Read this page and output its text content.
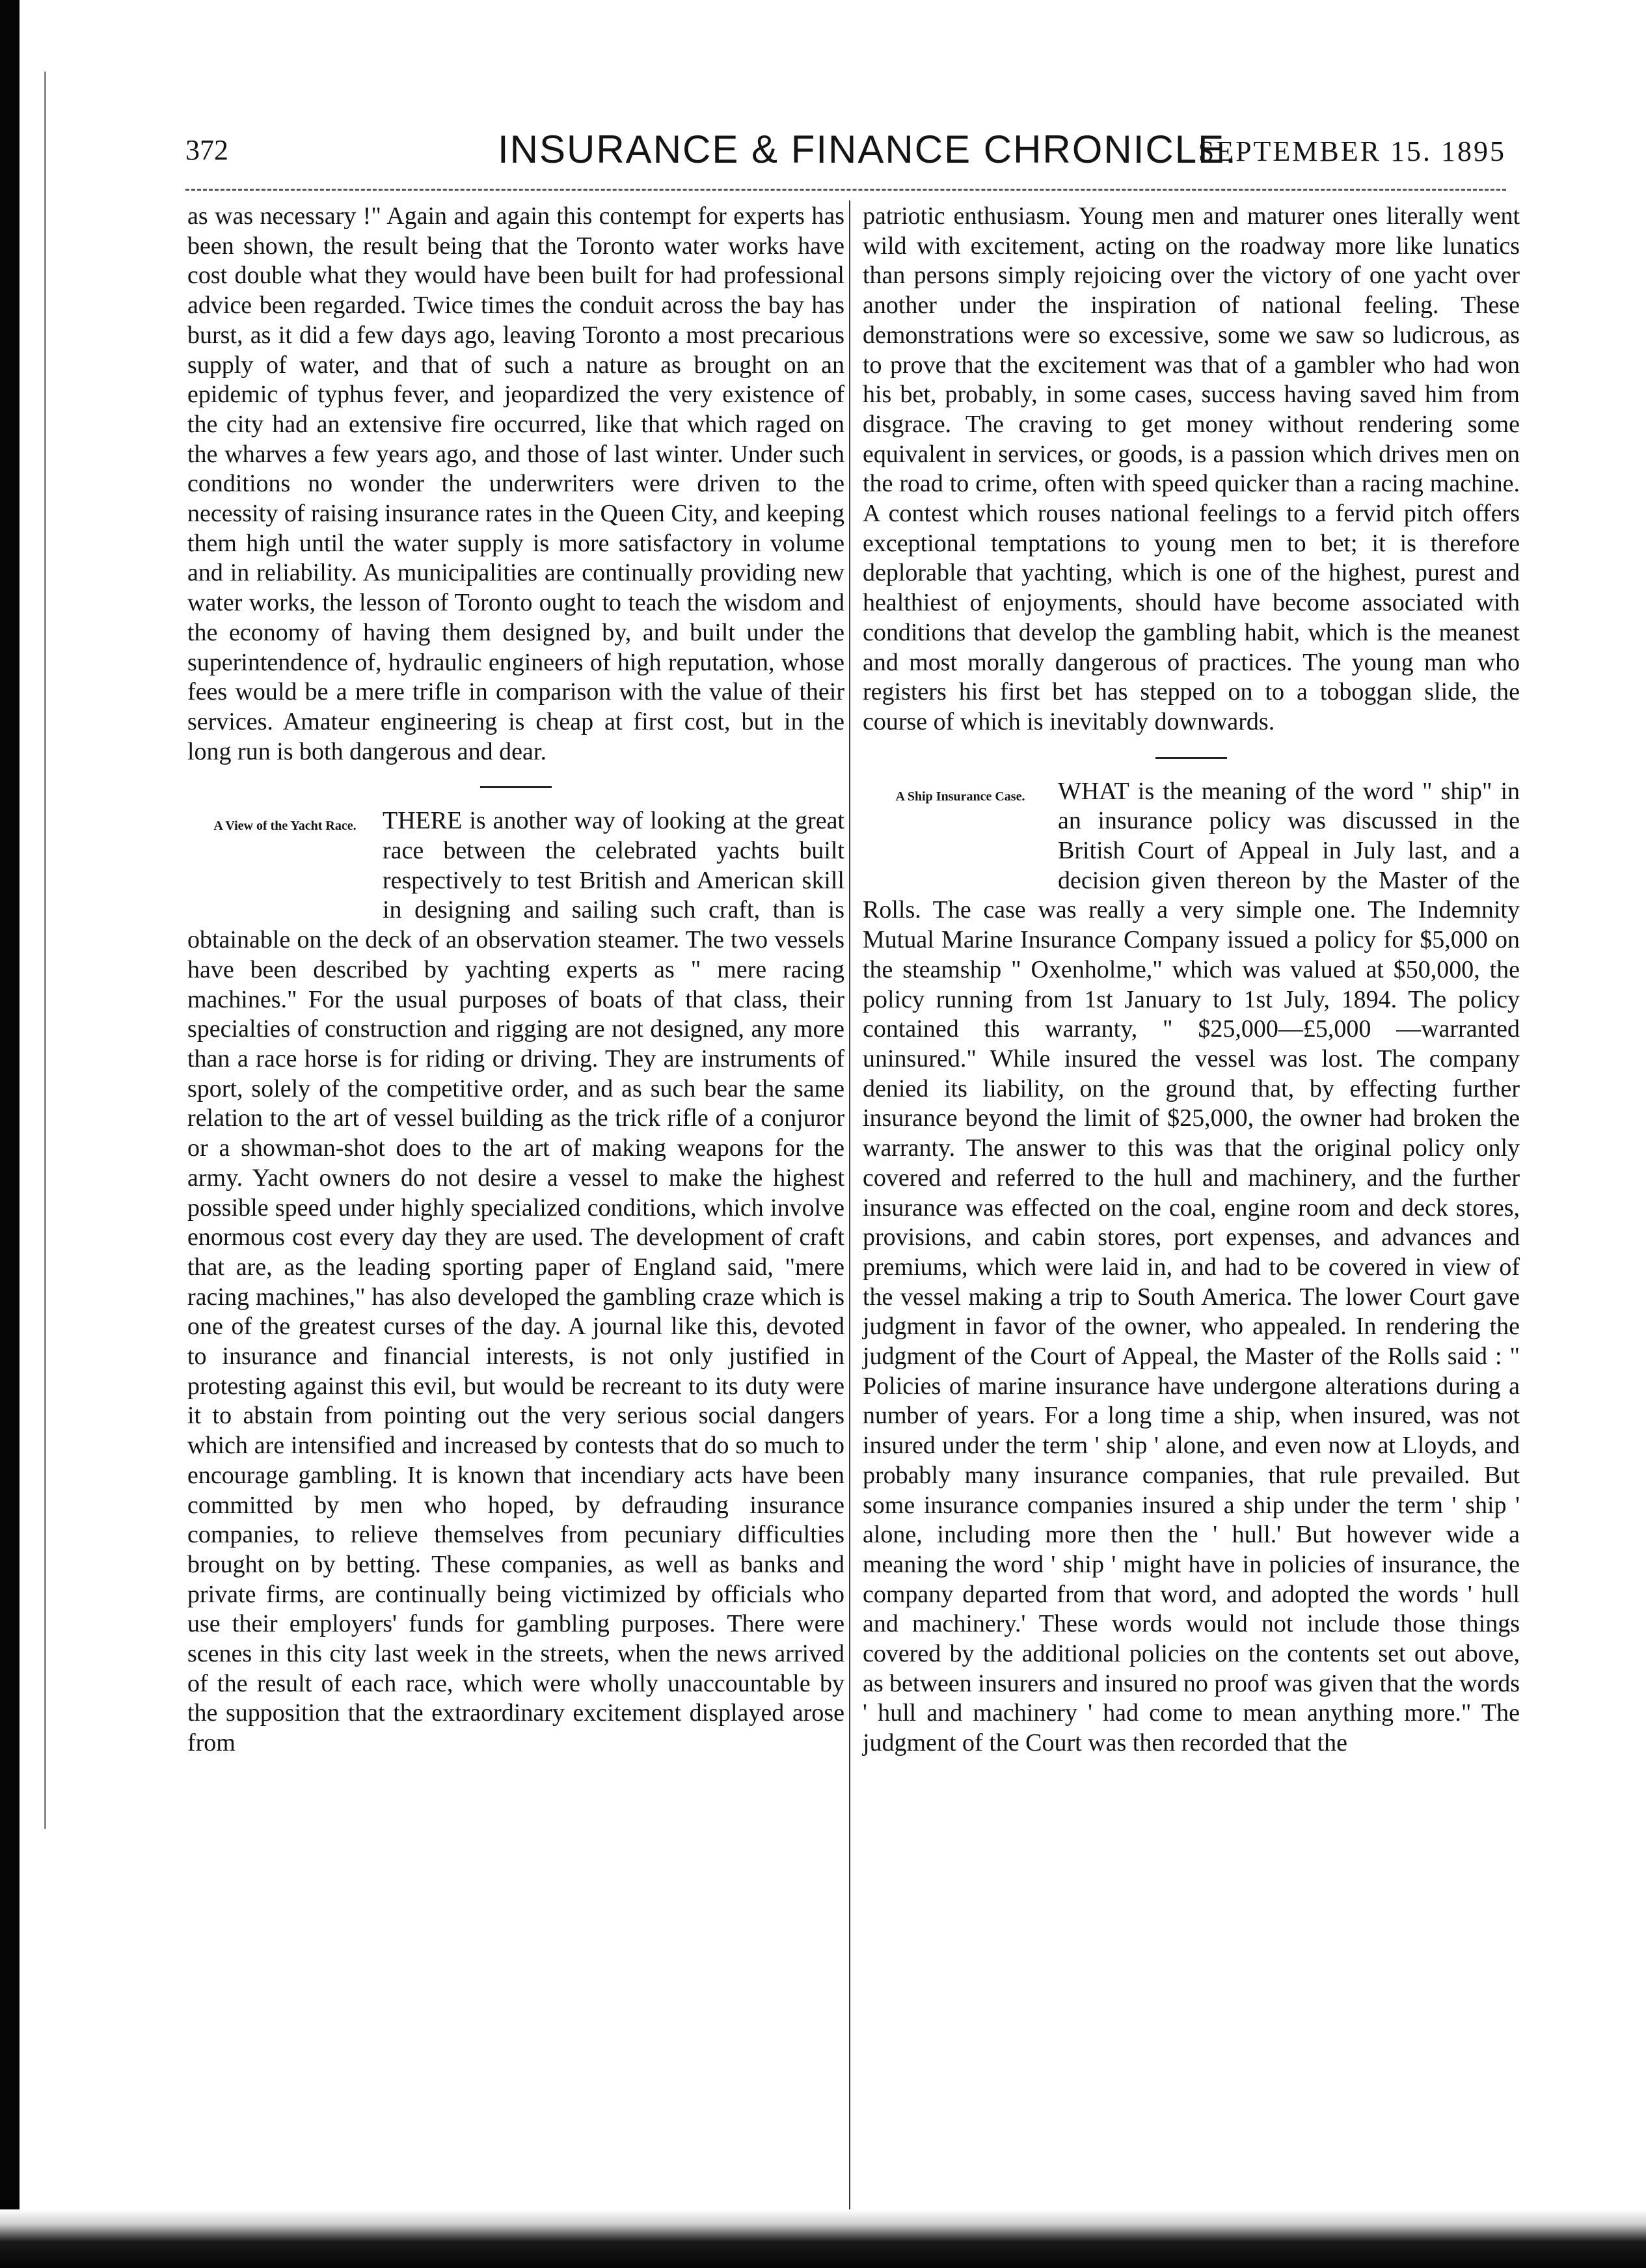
372	INSURANCE & FINANCE CHRONICLE.
SEPTEMBER 15. 1895

as was necessary !" Again and again this contempt for experts has been shown, the result being that the Toronto water works have cost double what they would have been built for had professional advice been regarded. Twice times the conduit across the bay has burst, as it did a few days ago, leaving Toronto a most precarious supply of water, and that of such a nature as brought on an epidemic of typhus fever, and jeopardized the very existence of the city had an extensive fire occurred, like that which raged on the wharves a few years ago, and those of last winter. Under such conditions no wonder the underwriters were driven to the necessity of raising insurance rates in the Queen City, and keeping them high until the water supply is more satisfactory in volume and in reliability. As municipalities are continually providing new water works, the lesson of Toronto ought to teach the wisdom and the economy of having them designed by, and built under the superintendence of, hydraulic engineers of high reputation, whose fees would be a mere trifle in comparison with the value of their services. Amateur engineering is cheap at first cost, but in the long run is both dangerous and dear.

A View of the Yacht Race.	THERE is another way of looking at the great race between the celebrated yachts built respectively to test British and American skill in designing and sailing such craft, than is obtainable on the deck of an observation steamer. The two vessels have been described by yachting experts as " mere racing machines." For the usual purposes of boats of that class, their specialties of construction and rigging are not designed, any more than a race horse is for riding or driving. They are instruments of sport, solely of the competitive order, and as such bear the same relation to the art of vessel building as the trick rifle of a conjuror or a showman-shot does to the art of making weapons for the army. Yacht owners do not desire a vessel to make the highest possible speed under highly specialized conditions, which involve enormous cost every day they are used. The development of craft that are, as the leading sporting paper of England said, "mere racing machines," has also developed the gambling craze which is one of the greatest curses of the day. A journal like this, devoted to insurance and financial interests, is not only justified in protesting against this evil, but would be recreant to its duty were it to abstain from pointing out the very serious social dangers which are intensified and increased by contests that do so much to encourage gambling. It is known that incendiary acts have been committed by men who hoped, by defrauding insurance companies, to relieve themselves from pecuniary difficulties brought on by betting. These companies, as well as banks and private firms, are continually being victimized by officials who use their employers' funds for gambling purposes. There were scenes in this city last week in the streets, when the news arrived of the result of each race, which were wholly unaccountable by the supposition that the extraordinary excitement displayed arose from

patriotic enthusiasm. Young men and maturer ones literally went wild with excitement, acting on the roadway more like lunatics than persons simply rejoicing over the victory of one yacht over another under the inspiration of national feeling. These demonstrations were so excessive, some we saw so ludicrous, as to prove that the excitement was that of a gambler who had won his bet, probably, in some cases, success having saved him from disgrace. The craving to get money without rendering some equivalent in services, or goods, is a passion which drives men on the road to crime, often with speed quicker than a racing machine. A contest which rouses national feelings to a fervid pitch offers exceptional temptations to young men to bet; it is therefore deplorable that yachting, which is one of the highest, purest and healthiest of enjoyments, should have become associated with conditions that develop the gambling habit, which is the meanest and most morally dangerous of practices. The young man who registers his first bet has stepped on to a toboggan slide, the course of which is inevitably downwards.

A Ship Insurance Case.	WHAT is the meaning of the word " ship" in an insurance policy was discussed in the British Court of Appeal in July last, and a decision given thereon by the Master of the Rolls. The case was really a very simple one. The Indemnity Mutual Marine Insurance Company issued a policy for $5,000 on the steamship " Oxenholme," which was valued at $50,000, the policy running from 1st January to 1st July, 1894. The policy contained this warranty, " $25,000—£5,000 —warranted uninsured." While insured the vessel was lost. The company denied its liability, on the ground that, by effecting further insurance beyond the limit of $25,000, the owner had broken the warranty. The answer to this was that the original policy only covered and referred to the hull and machinery, and the further insurance was effected on the coal, engine room and deck stores, provisions, and cabin stores, port expenses, and advances and premiums, which were laid in, and had to be covered in view of the vessel making a trip to South America. The lower Court gave judgment in favor of the owner, who appealed. In rendering the judgment of the Court of Appeal, the Master of the Rolls said : " Policies of marine insurance have undergone alterations during a number of years. For a long time a ship, when insured, was not insured under the term ' ship ' alone, and even now at Lloyds, and probably many insurance companies, that rule prevailed. But some insurance companies insured a ship under the term ' ship ' alone, including more then the ' hull.' But however wide a meaning the word ' ship ' might have in policies of insurance, the company departed from that word, and adopted the words ' hull and machinery.' These words would not include those things covered by the additional policies on the contents set out above, as between insurers and insured no proof was given that the words ' hull and machinery ' had come to mean anything more." The judgment of the Court was then recorded that the
